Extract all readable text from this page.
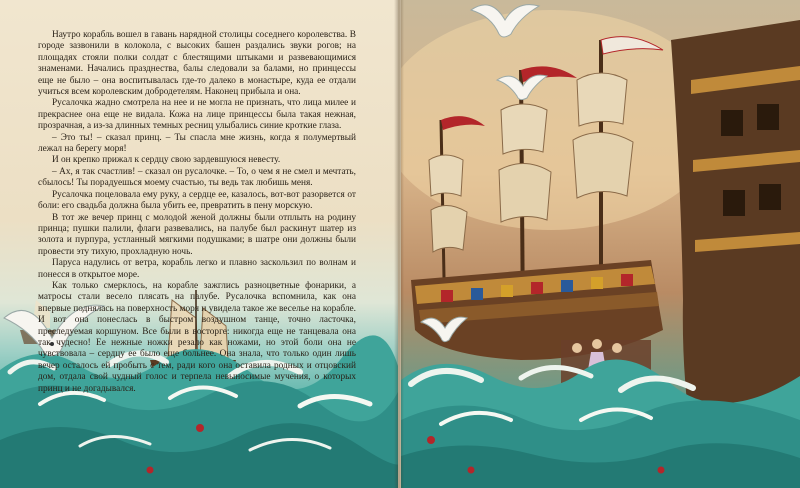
Наутро корабль вошел в гавань нарядной столицы соседнего королевства. В городе зазвонили в колокола, с высоких башен раздались звуки рогов; на площадях стояли полки солдат с блестящими штыками и развевающимися знаменами. Начались празднества, балы следовали за балами, но принцессы еще не было – она воспитывалась где-то далеко в монастыре, куда ее отдали учиться всем королевским добродетелям. Наконец прибыла и она.

Русалочка жадно смотрела на нее и не могла не признать, что лица милее и прекраснее она еще не видала. Кожа на лице принцессы была такая нежная, прозрачная, а из-за длинных темных ресниц улыбались синие кроткие глаза.

– Это ты! – сказал принц. – Ты спасла мне жизнь, когда я полумертвый лежал на берегу моря!

И он крепко прижал к сердцу свою зардевшуюся невесту.

– Ах, я так счастлив! – сказал он русалочке. – То, о чем я не смел и мечтать, сбылось! Ты порадуешься моему счастью, ты ведь так любишь меня.

Русалочка поцеловала ему руку, а сердце ее, казалось, вот-вот разорвется от боли: его свадьба должна была убить ее, превратить в пену морскую.

В тот же вечер принц с молодой женой должны были отплыть на родину принца; пушки палили, флаги развевались, на палубе был раскинут шатер из золота и пурпура, устланный мягкими подушками; в шатре они должны были провести эту тихую, прохладную ночь.

Паруса надулись от ветра, корабль легко и плавно заскользил по волнам и понесся в открытое море.

Как только смерклось, на корабле зажглись разноцветные фонарики, а матросы стали весело плясать на палубе. Русалочка вспомнила, как она впервые поднялась на поверхность моря и увидела такое же веселье на корабле. И вот она понеслась в быстром воздушном танце, точно ласточка, преследуемая коршуном. Все были в восторге: никогда еще не танцевала она так чудесно! Ее нежные ножки резало как ножами, но этой боли она не чувствовала – сердцу ее было еще больнее. Она знала, что только один лишь вечер осталось ей пробыть с тем, ради кого она оставила родных и отцовский дом, отдала свой чудный голос и терпела невыносимые мучения, о которых принц и не догадывался.
